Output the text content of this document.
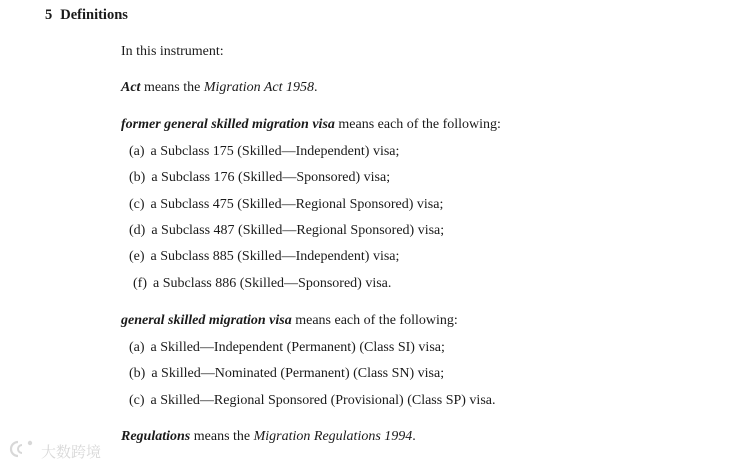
5 Definitions
In this instrument:
Act means the Migration Act 1958.
former general skilled migration visa means each of the following:
(a) a Subclass 175 (Skilled—Independent) visa;
(b) a Subclass 176 (Skilled—Sponsored) visa;
(c) a Subclass 475 (Skilled—Regional Sponsored) visa;
(d) a Subclass 487 (Skilled—Regional Sponsored) visa;
(e) a Subclass 885 (Skilled—Independent) visa;
(f) a Subclass 886 (Skilled—Sponsored) visa.
general skilled migration visa means each of the following:
(a) a Skilled—Independent (Permanent) (Class SI) visa;
(b) a Skilled—Nominated (Permanent) (Class SN) visa;
(c) a Skilled—Regional Sponsored (Provisional) (Class SP) visa.
Regulations means the Migration Regulations 1994.
大数跨境
